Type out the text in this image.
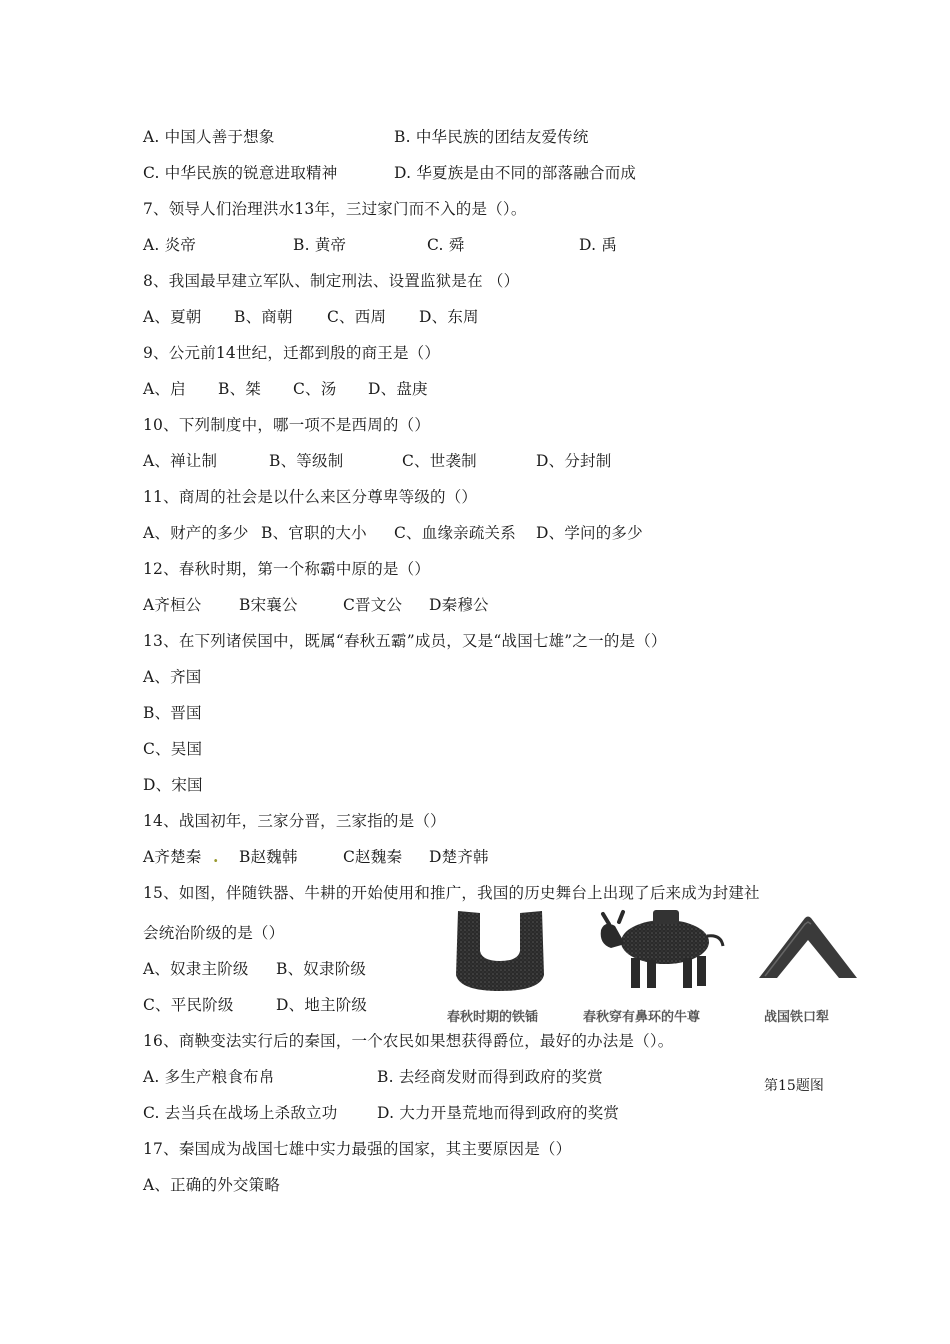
A. 中国人善于想象	B. 中华民族的团结友爱传统
C. 中华民族的锐意进取精神	D. 华夏族是由不同的部落融合而成
7、领导人们治理洪水13年，三过家门而不入的是（）。
A. 炎帝	B. 黄帝	C. 舜	D. 禹
8、我国最早建立军队、制定刑法、设置监狱是在 （）
A、夏朝 B、商朝 C、西周 D、东周
9、公元前14世纪，迁都到殷的商王是（）
A、启 B、桀 C、汤 D、盘庚
10、下列制度中，哪一项不是西周的（）
A、禅让制	B、等级制	C、世袭制	D、分封制
11、商周的社会是以什么来区分尊卑等级的（）
A、财产的多少 B、官职的大小 C、血缘亲疏关系 D、学问的多少
12、春秋时期，第一个称霸中原的是（）
A齐桓公 B宋襄公	C晋文公 D秦穆公
13、在下列诸侯国中，既属“春秋五霸”成员，又是“战国七雄”之一的是（）
A、齐国
B、晋国
C、吴国
D、宋国
14、战国初年，三家分晋，三家指的是（）
A齐楚秦 . B赵魏韩	C赵魏秦 D楚齐韩
15、如图，伴随铁器、牛耕的开始使用和推广，我国的历史舞台上出现了后来成为封建社
会统治阶级的是（）
A、奴隶主阶级 B、奴隶阶级
C、平民阶级	D、地主阶级
春秋时期的铁锸	春秋穿有鼻环的牛尊	战国铁口犁
第15题图
16、商鞅变法实行后的秦国，一个农民如果想获得爵位，最好的办法是（）。
A. 多生产粮食布帛	B. 去经商发财而得到政府的奖赏
C. 去当兵在战场上杀敌立功	D. 大力开垦荒地而得到政府的奖赏
17、秦国成为战国七雄中实力最强的国家，其主要原因是（）
A、正确的外交策略
